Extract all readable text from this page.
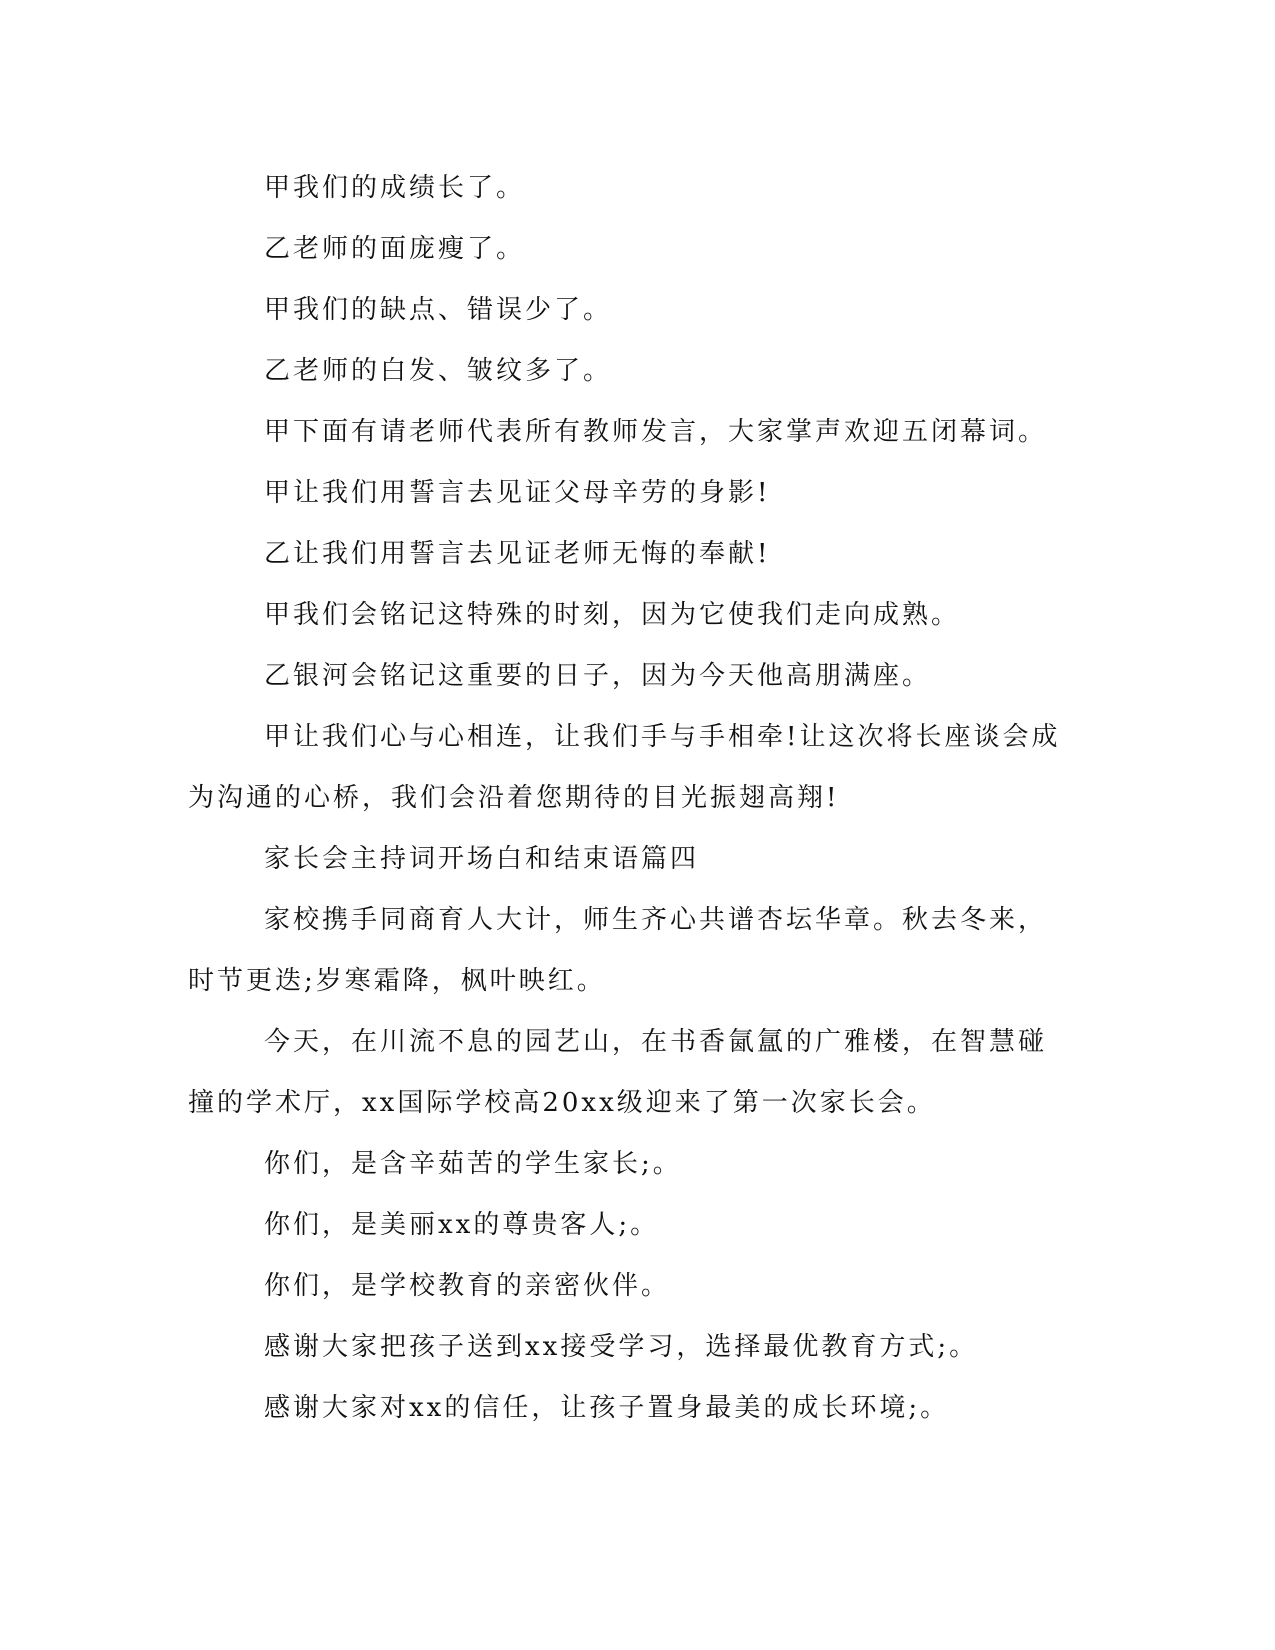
甲我们的成绩长了。

乙老师的面庞瘦了。

甲我们的缺点、错误少了。

乙老师的白发、皱纹多了。

甲下面有请老师代表所有教师发言，大家掌声欢迎五闭幕词。

甲让我们用誓言去见证父母辛劳的身影!

乙让我们用誓言去见证老师无悔的奉献!

甲我们会铭记这特殊的时刻，因为它使我们走向成熟。

乙银河会铭记这重要的日子，因为今天他高朋满座。

甲让我们心与心相连，让我们手与手相牵!让这次将长座谈会成为沟通的心桥，我们会沿着您期待的目光振翅高翔!

家长会主持词开场白和结束语篇四

家校携手同商育人大计，师生齐心共谱杏坛华章。秋去冬来，时节更迭;岁寒霜降，枫叶映红。

今天，在川流不息的园艺山，在书香氤氲的广雅楼，在智慧碰撞的学术厅，xx国际学校高20xx级迎来了第一次家长会。

你们，是含辛茹苦的学生家长;。

你们，是美丽xx的尊贵客人;。

你们，是学校教育的亲密伙伴。

感谢大家把孩子送到xx接受学习，选择最优教育方式;。

感谢大家对xx的信任，让孩子置身最美的成长环境;。
